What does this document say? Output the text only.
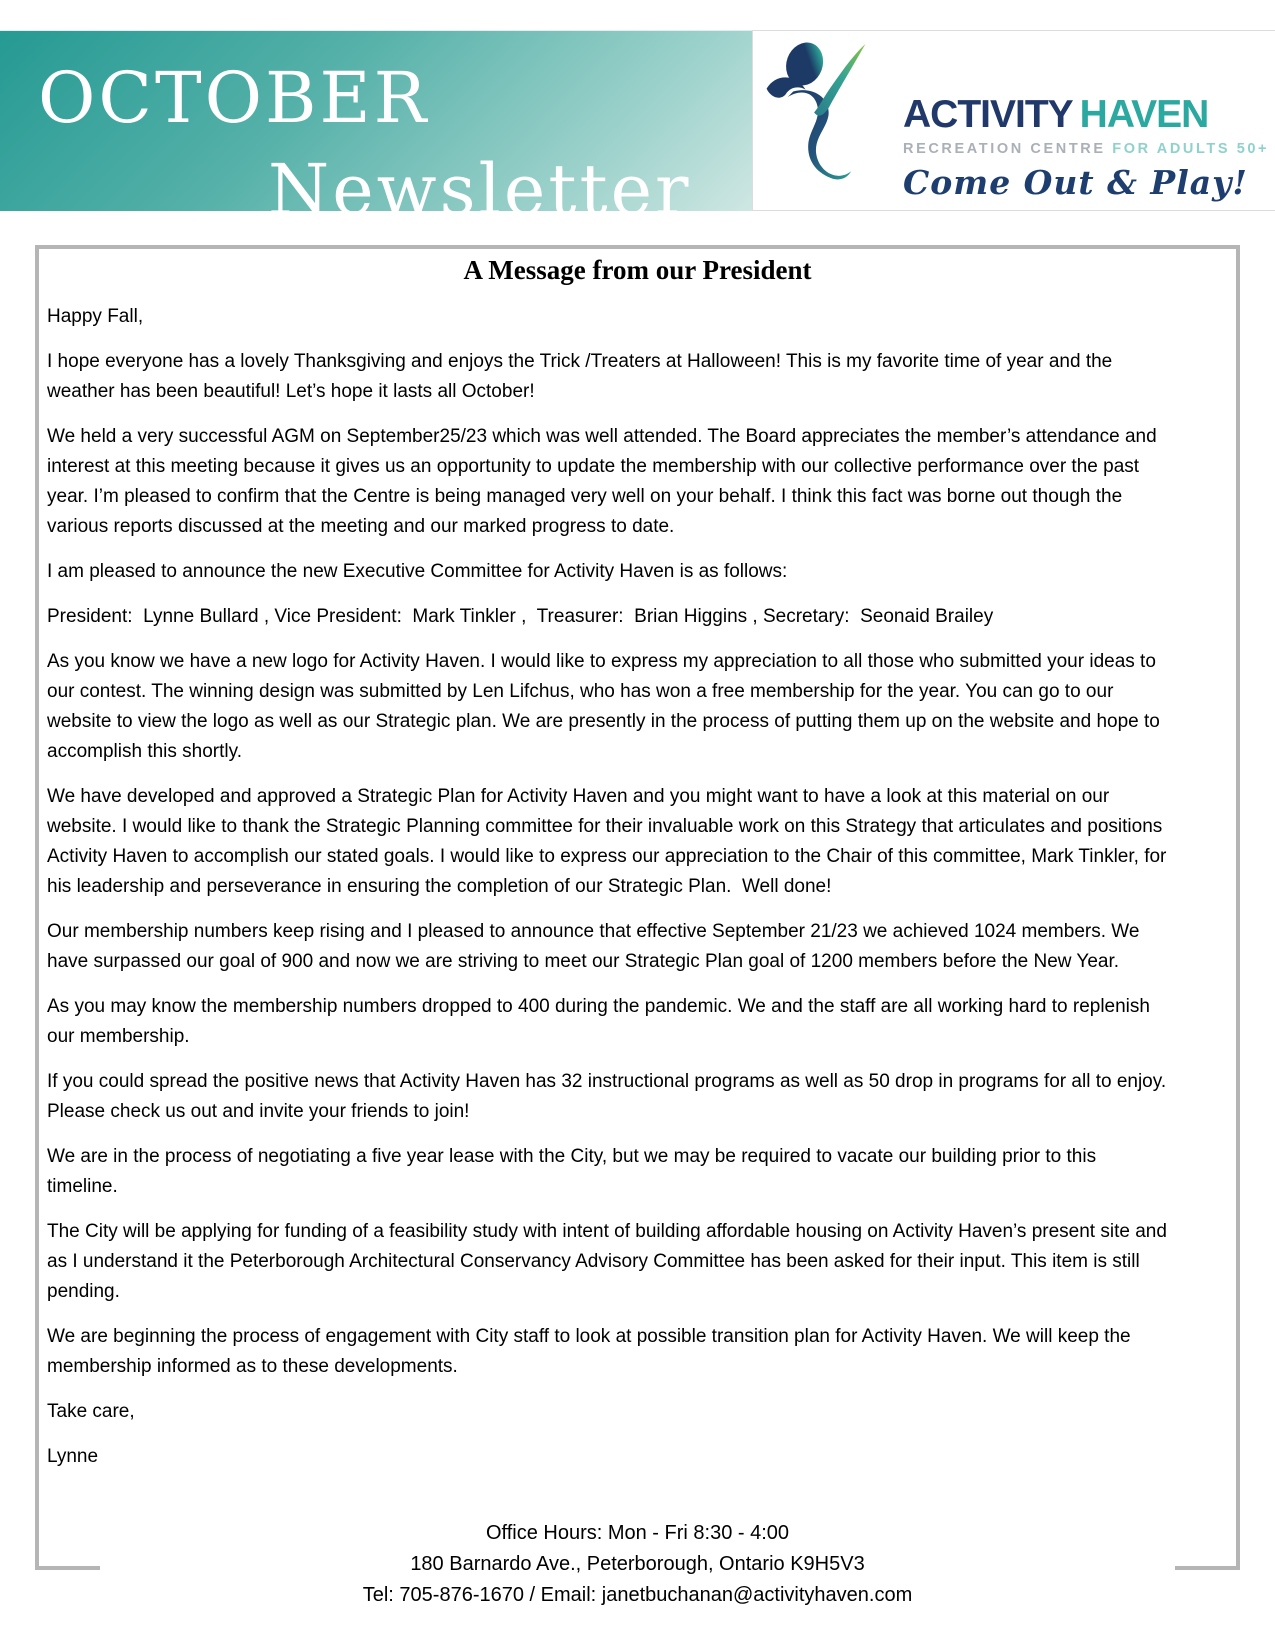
OCTOBER
Newsletter
ACTIVITY HAVEN
RECREATION CENTRE FOR ADULTS 50+
Come Out & Play!
A Message from our President

Happy Fall,

I hope everyone has a lovely Thanksgiving and enjoys the Trick /Treaters at Halloween! This is my favorite time of year and the weather has been beautiful! Let’s hope it lasts all October!

We held a very successful AGM on September25/23 which was well attended. The Board appreciates the member’s attendance and interest at this meeting because it gives us an opportunity to update the membership with our collective performance over the past year. I’m pleased to confirm that the Centre is being managed very well on your behalf. I think this fact was borne out though the various reports discussed at the meeting and our marked progress to date.

I am pleased to announce the new Executive Committee for Activity Haven is as follows:

President:  Lynne Bullard , Vice President:  Mark Tinkler ,  Treasurer:  Brian Higgins , Secretary:  Seonaid Brailey

As you know we have a new logo for Activity Haven. I would like to express my appreciation to all those who submitted your ideas to our contest. The winning design was submitted by Len Lifchus, who has won a free membership for the year. You can go to our website to view the logo as well as our Strategic plan. We are presently in the process of putting them up on the website and hope to accomplish this shortly.

We have developed and approved a Strategic Plan for Activity Haven and you might want to have a look at this material on our website. I would like to thank the Strategic Planning committee for their invaluable work on this Strategy that articulates and positions Activity Haven to accomplish our stated goals. I would like to express our appreciation to the Chair of this committee, Mark Tinkler, for his leadership and perseverance in ensuring the completion of our Strategic Plan.  Well done!

Our membership numbers keep rising and I pleased to announce that effective September 21/23 we achieved 1024 members. We have surpassed our goal of 900 and now we are striving to meet our Strategic Plan goal of 1200 members before the New Year.

As you may know the membership numbers dropped to 400 during the pandemic. We and the staff are all working hard to replenish our membership.

If you could spread the positive news that Activity Haven has 32 instructional programs as well as 50 drop in programs for all to enjoy. Please check us out and invite your friends to join!

We are in the process of negotiating a five year lease with the City, but we may be required to vacate our building prior to this timeline.

The City will be applying for funding of a feasibility study with intent of building affordable housing on Activity Haven’s present site and as I understand it the Peterborough Architectural Conservancy Advisory Committee has been asked for their input. This item is still pending.

We are beginning the process of engagement with City staff to look at possible transition plan for Activity Haven. We will keep the membership informed as to these developments.

Take care,

Lynne

Office Hours: Mon - Fri 8:30 - 4:00
180 Barnardo Ave., Peterborough, Ontario K9H5V3
Tel: 705-876-1670 / Email: janetbuchanan@activityhaven.com
